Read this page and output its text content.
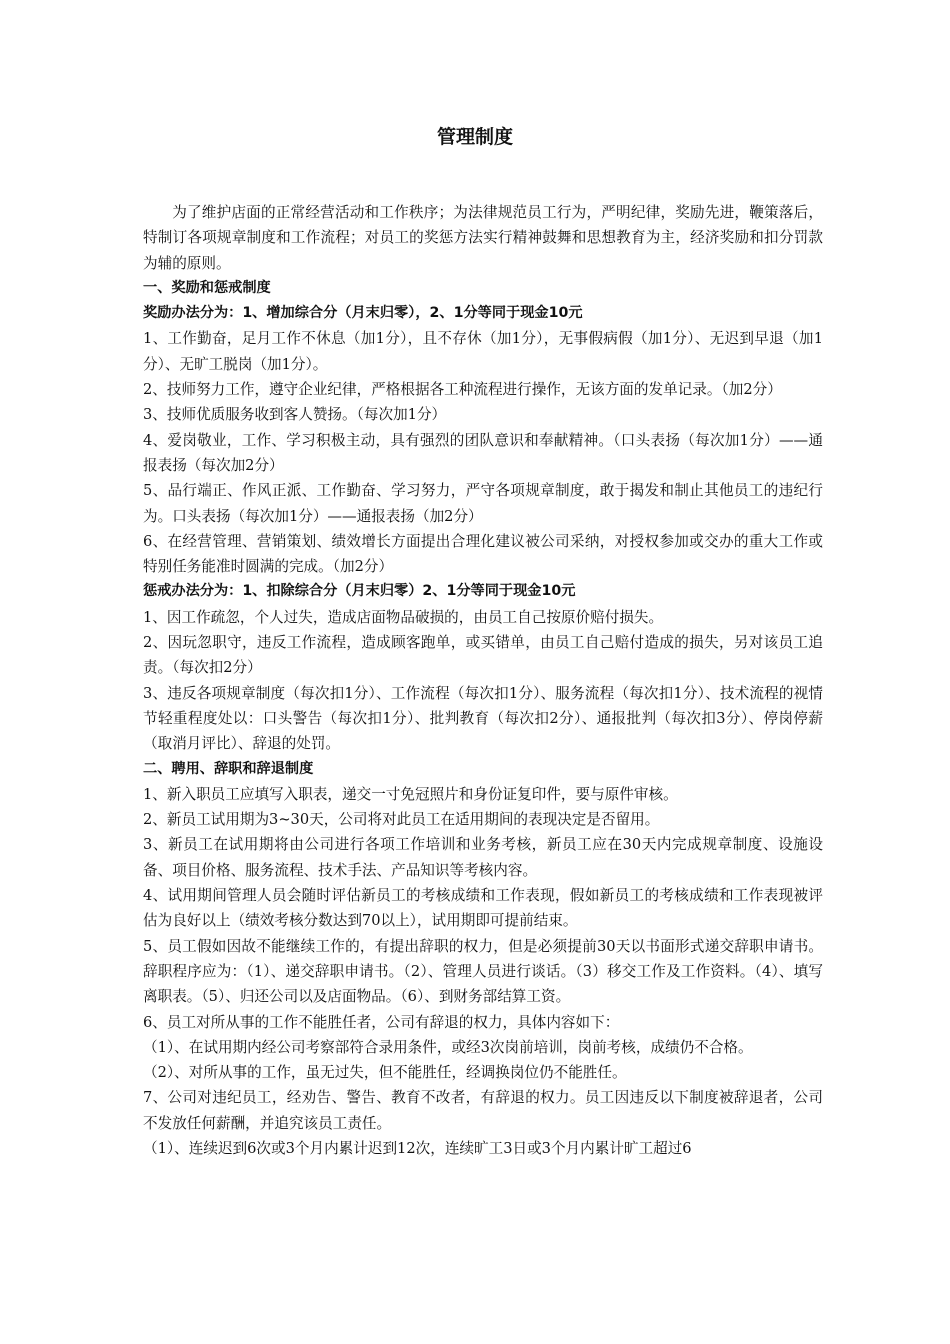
管理制度

为了维护店面的正常经营活动和工作秩序；为法律规范员工行为，严明纪律，奖励先进，鞭策落后，特制订各项规章制度和工作流程；对员工的奖惩方法实行精神鼓舞和思想教育为主，经济奖励和扣分罚款为辅的原则。

一、奖励和惩戒制度

奖励办法分为：1、增加综合分（月末归零），2、1分等同于现金10元

1、工作勤奋，足月工作不休息（加1分），且不存休（加1分），无事假病假（加1分）、无迟到早退（加1分）、无旷工脱岗（加1分）。

2、技师努力工作，遵守企业纪律，严格根据各工种流程进行操作，无该方面的发单记录。（加2分）

3、技师优质服务收到客人赞扬。（每次加1分）

4、爱岗敬业，工作、学习积极主动，具有强烈的团队意识和奉献精神。（口头表扬（每次加1分）——通报表扬（每次加2分）

5、品行端正、作风正派、工作勤奋、学习努力，严守各项规章制度，敢于揭发和制止其他员工的违纪行为。口头表扬（每次加1分）——通报表扬（加2分）

6、在经营管理、营销策划、绩效增长方面提出合理化建议被公司采纳，对授权参加或交办的重大工作或特别任务能准时圆满的完成。（加2分）

惩戒办法分为：1、扣除综合分（月末归零）2、1分等同于现金10元

1、因工作疏忽，个人过失，造成店面物品破损的，由员工自己按原价赔付损失。

2、因玩忽职守，违反工作流程，造成顾客跑单，或买错单，由员工自己赔付造成的损失，另对该员工追责。（每次扣2分）

3、违反各项规章制度（每次扣1分）、工作流程（每次扣1分）、服务流程（每次扣1分）、技术流程的视情节轻重程度处以：口头警告（每次扣1分）、批判教育（每次扣2分）、通报批判（每次扣3分）、停岗停薪（取消月评比）、辞退的处罚。

二、聘用、辞职和辞退制度

1、新入职员工应填写入职表，递交一寸免冠照片和身份证复印件，要与原件审核。

2、新员工试用期为3~30天，公司将对此员工在适用期间的表现决定是否留用。

3、新员工在试用期将由公司进行各项工作培训和业务考核，新员工应在30天内完成规章制度、设施设备、项目价格、服务流程、技术手法、产品知识等考核内容。

4、试用期间管理人员会随时评估新员工的考核成绩和工作表现，假如新员工的考核成绩和工作表现被评估为良好以上（绩效考核分数达到70以上），试用期即可提前结束。

5、员工假如因故不能继续工作的，有提出辞职的权力，但是必须提前30天以书面形式递交辞职申请书。辞职程序应为：（1）、递交辞职申请书。（2）、管理人员进行谈话。（3）移交工作及工作资料。（4）、填写离职表。（5）、归还公司以及店面物品。（6）、到财务部结算工资。

6、员工对所从事的工作不能胜任者，公司有辞退的权力，具体内容如下：

（1）、在试用期内经公司考察部符合录用条件，或经3次岗前培训，岗前考核，成绩仍不合格。

（2）、对所从事的工作，虽无过失，但不能胜任，经调换岗位仍不能胜任。

7、公司对违纪员工，经劝告、警告、教育不改者，有辞退的权力。员工因违反以下制度被辞退者，公司不发放任何薪酬，并追究该员工责任。

（1）、连续迟到6次或3个月内累计迟到12次，连续旷工3日或3个月内累计旷工超过6
